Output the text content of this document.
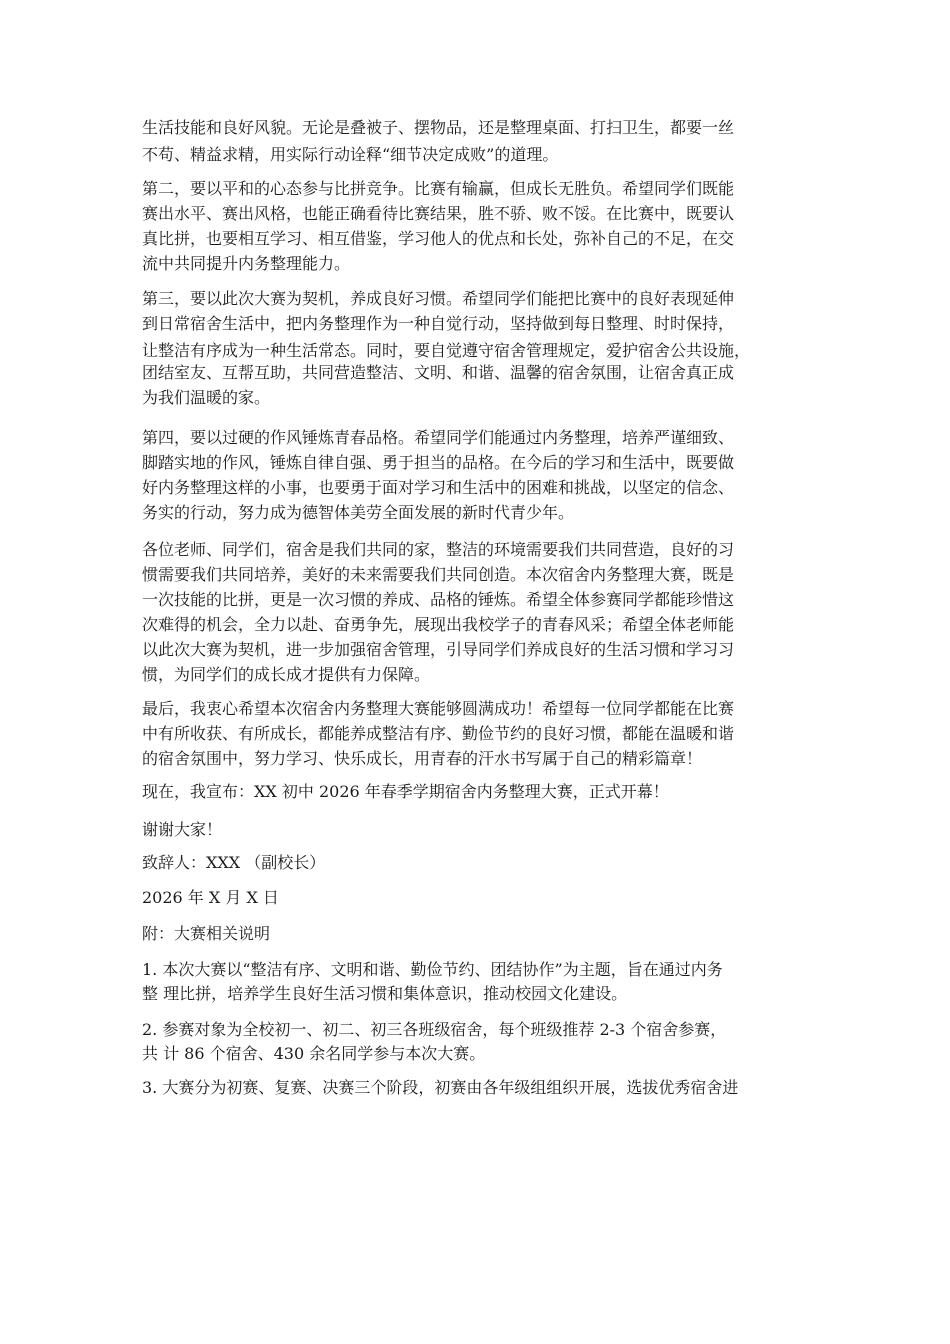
生活技能和良好风貌。无论是叠被子、摆物品，还是整理桌面、打扫卫生，都要一丝
不苟、精益求精，用实际行动诠释“细节决定成败”的道理。
第二，要以平和的心态参与比拼竞争。比赛有输赢，但成长无胜负。希望同学们既能
赛出水平、赛出风格，也能正确看待比赛结果，胜不骄、败不馁。在比赛中，既要认
真比拼，也要相互学习、相互借鉴，学习他人的优点和长处，弥补自己的不足，在交
流中共同提升内务整理能力。
第三，要以此次大赛为契机，养成良好习惯。希望同学们能把比赛中的良好表现延伸
到日常宿舍生活中，把内务整理作为一种自觉行动，坚持做到每日整理、时时保持，
让整洁有序成为一种生活常态。同时，要自觉遵守宿舍管理规定，爱护宿舍公共设施，
团结室友、互帮互助，共同营造整洁、文明、和谐、温馨的宿舍氛围，让宿舍真正成
为我们温暖的家。
第四，要以过硬的作风锤炼青春品格。希望同学们能通过内务整理，培养严谨细致、
脚踏实地的作风，锤炼自律自强、勇于担当的品格。在今后的学习和生活中，既要做
好内务整理这样的小事，也要勇于面对学习和生活中的困难和挑战，以坚定的信念、
务实的行动，努力成为德智体美劳全面发展的新时代青少年。
各位老师、同学们，宿舍是我们共同的家，整洁的环境需要我们共同营造，良好的习
惯需要我们共同培养，美好的未来需要我们共同创造。本次宿舍内务整理大赛，既是
一次技能的比拼，更是一次习惯的养成、品格的锤炼。希望全体参赛同学都能珍惜这
次难得的机会，全力以赴、奋勇争先，展现出我校学子的青春风采；希望全体老师能
以此次大赛为契机，进一步加强宿舍管理，引导同学们养成良好的生活习惯和学习习
惯，为同学们的成长成才提供有力保障。
最后，我衷心希望本次宿舍内务整理大赛能够圆满成功！希望每一位同学都能在比赛
中有所收获、有所成长，都能养成整洁有序、勤俭节约的良好习惯，都能在温暖和谐
的宿舍氛围中，努力学习、快乐成长，用青春的汗水书写属于自己的精彩篇章！
现在，我宣布：XX 初中 2026 年春季学期宿舍内务整理大赛，正式开幕！
谢谢大家！
致辞人：XXX （副校长）
2026 年 X 月 X 日
附：大赛相关说明
1. 本次大赛以“整洁有序、文明和谐、勤俭节约、团结协作”为主题，旨在通过内务
整 理比拼，培养学生良好生活习惯和集体意识，推动校园文化建设。
2. 参赛对象为全校初一、初二、初三各班级宿舍，每个班级推荐 2-3 个宿舍参赛，
共 计 86 个宿舍、430 余名同学参与本次大赛。
3. 大赛分为初赛、复赛、决赛三个阶段，初赛由各年级组组织开展，选拔优秀宿舍进
